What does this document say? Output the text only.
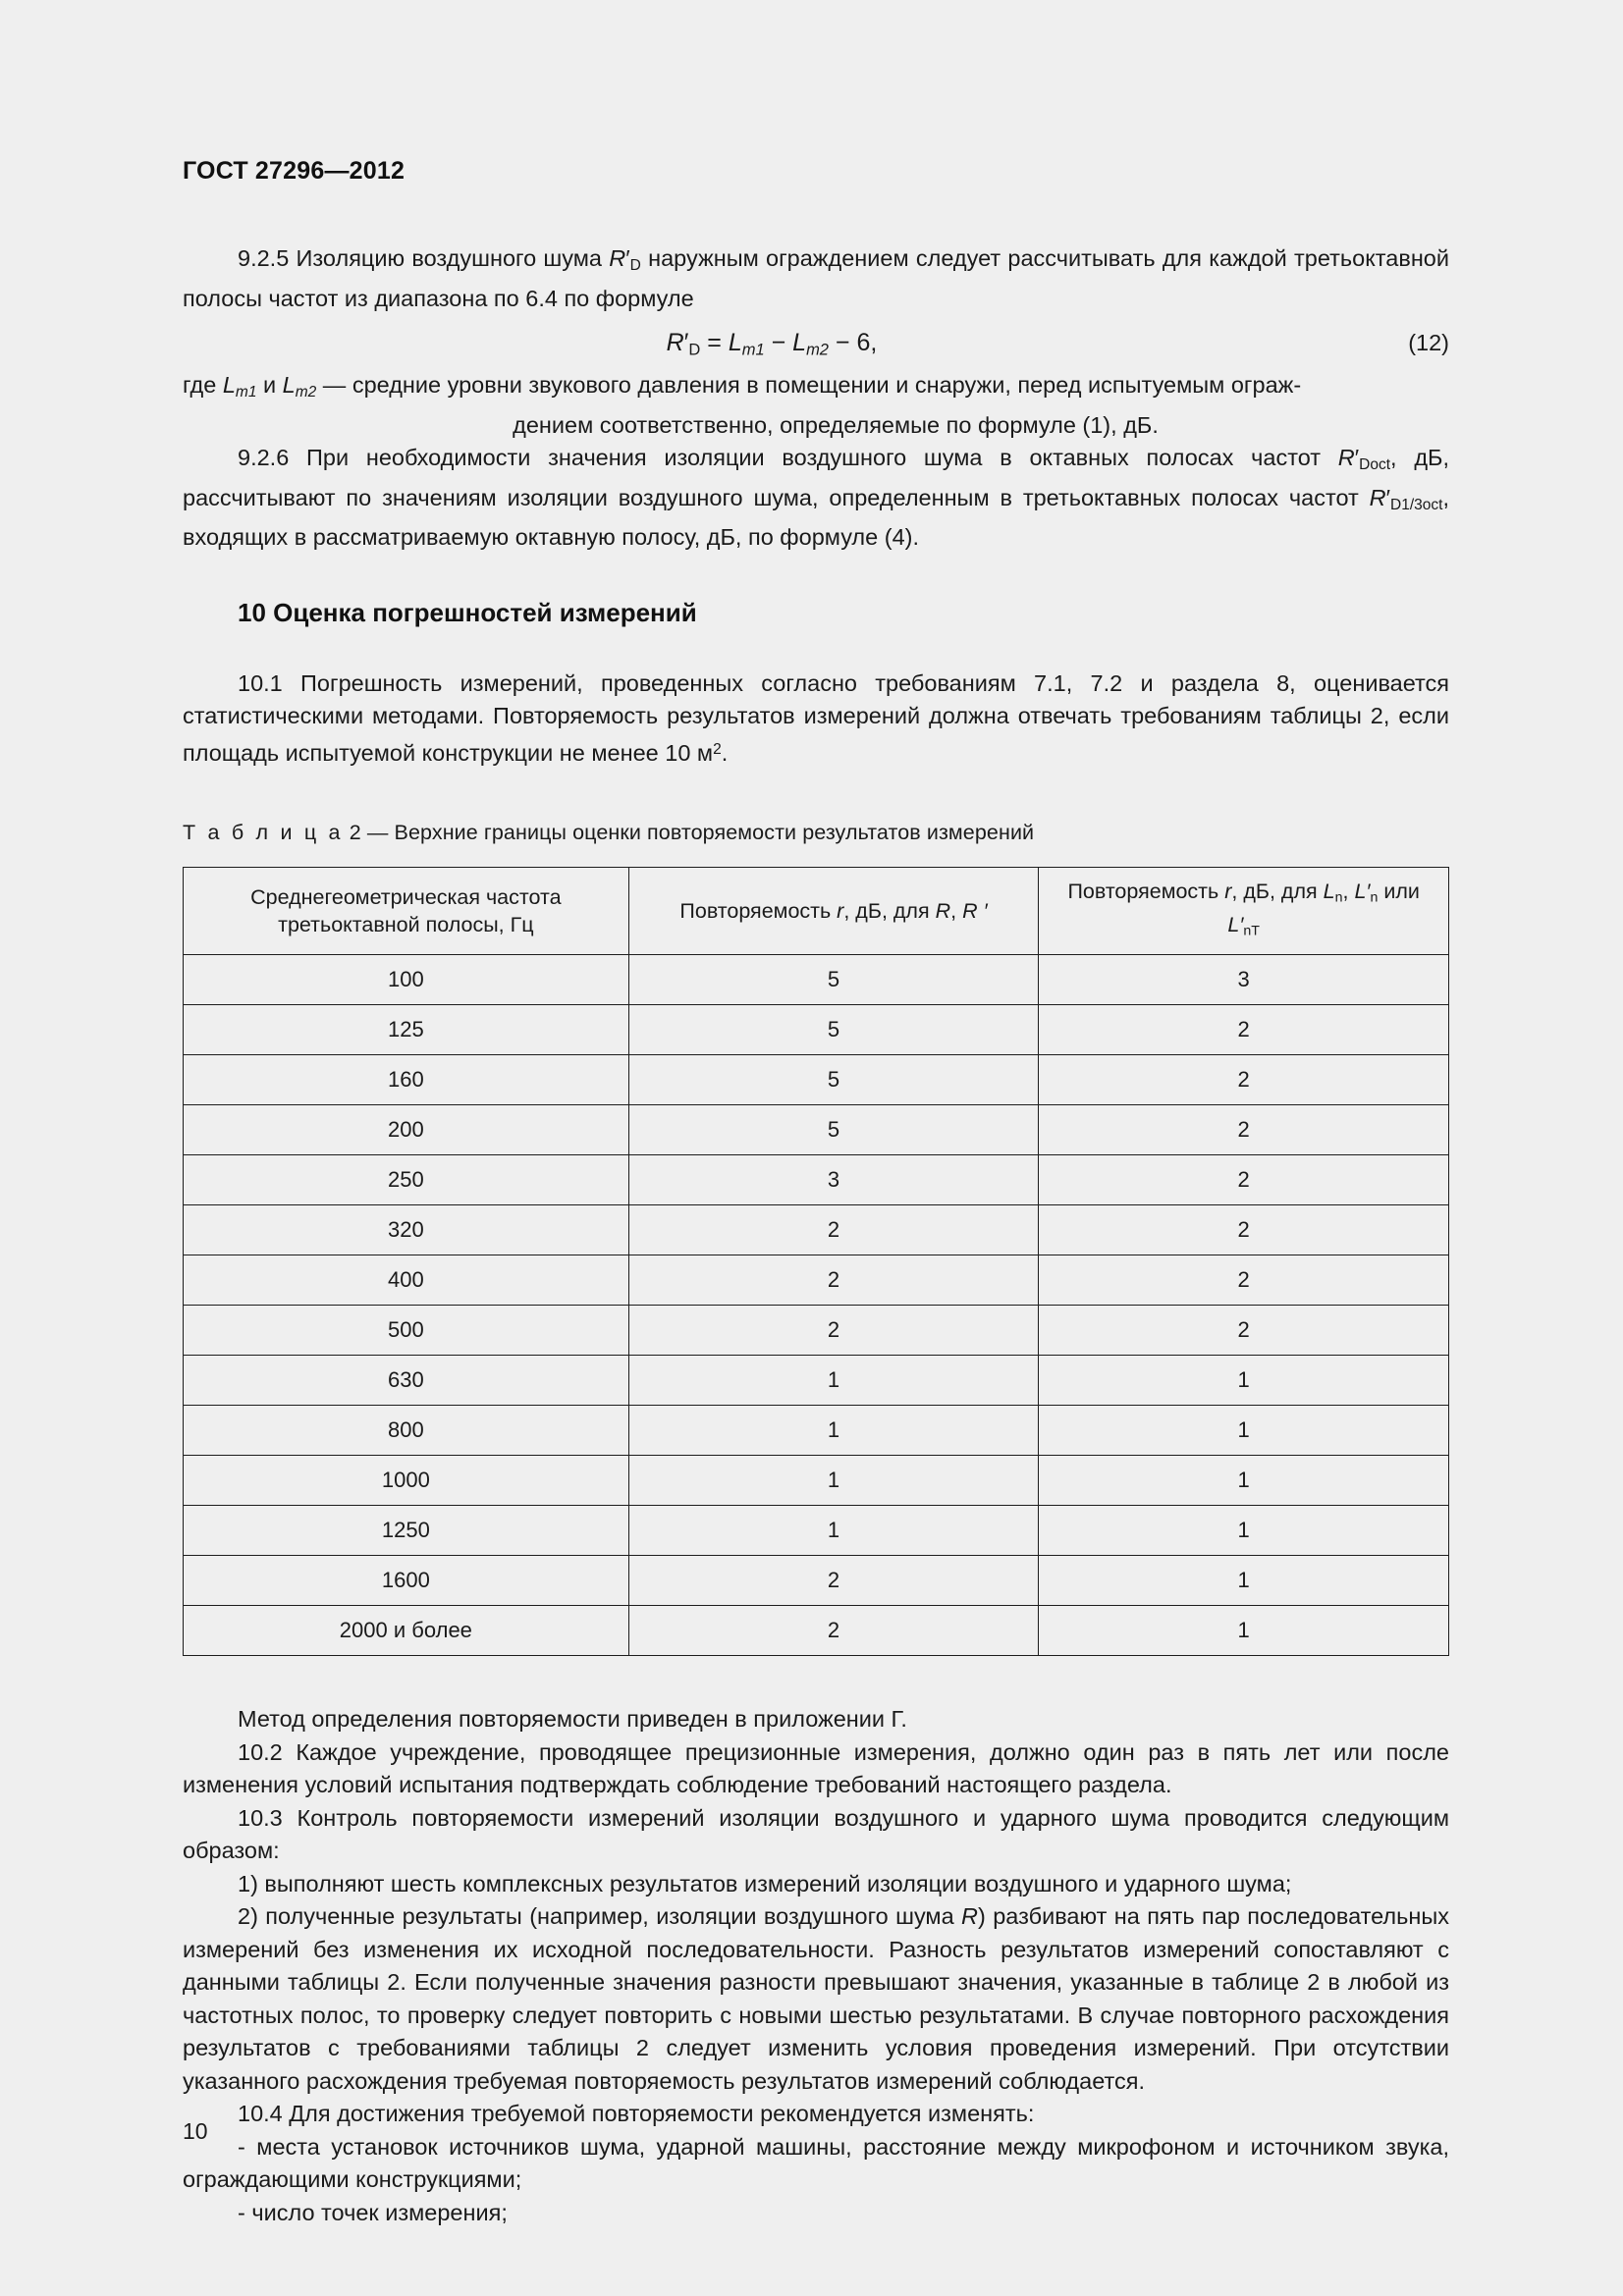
ГОСТ 27296—2012

9.2.5 Изоляцию воздушного шума $R'_D$ наружным ограждением следует рассчитывать для каждой третьоктавной полосы частот из диапазона по 6.4 по формуле

$R'_D = L_{m1} - L_{m2} - 6$,	(12)

где $L_{m1}$ и $L_{m2}$ — средние уровни звукового давления в помещении и снаружи, перед испытуемым ограж-

дением соответственно, определяемые по формуле (1), дБ.

9.2.6 При необходимости значения изоляции воздушного шума в октавных полосах частот $R'_{Doct}$, дБ, рассчитывают по значениям изоляции воздушного шума, определенным в третьоктавных полосах частот $R'_{D1/3oct}$, входящих в рассматриваемую октавную полосу, дБ, по формуле (4).

10 Оценка погрешностей измерений

10.1 Погрешность измерений, проведенных согласно требованиям 7.1, 7.2 и раздела 8, оценивается статистическими методами. Повторяемость результатов измерений должна отвечать требованиям таблицы 2, если площадь испытуемой конструкции не менее 10 $м^2$.

Т а б л и ц а 2 — Верхние границы оценки повторяемости результатов измерений
Среднегеометрическая частота
третьоктавной полосы, Гц	Повторяемость r, дБ, для R, R ′	Повторяемость r, дБ, для $L_n$, $L'_n$ или $L'_{nТ}$
100	5	3
125	5	2
160	5	2
200	5	2
250	3	2
320	2	2
400	2	2
500	2	2
630	1	1
800	1	1
1000	1	1
1250	1	1
1600	2	1
2000 и более	2	1

Метод определения повторяемости приведен в приложении Г.

10.2 Каждое учреждение, проводящее прецизионные измерения, должно один раз в пять лет или после изменения условий испытания подтверждать соблюдение требований настоящего раздела.

10.3 Контроль повторяемости измерений изоляции воздушного и ударного шума проводится следующим образом:

1) выполняют шесть комплексных результатов измерений изоляции воздушного и ударного шума;

2) полученные результаты (например, изоляции воздушного шума R) разбивают на пять пар последовательных измерений без изменения их исходной последовательности. Разность результатов измерений сопоставляют с данными таблицы 2. Если полученные значения разности превышают значения, указанные в таблице 2 в любой из частотных полос, то проверку следует повторить с новыми шестью результатами. В случае повторного расхождения результатов с требованиями таблицы 2 следует изменить условия проведения измерений. При отсутствии указанного расхождения требуемая повторяемость результатов измерений соблюдается.

10.4 Для достижения требуемой повторяемости рекомендуется изменять:

- места установок источников шума, ударной машины, расстояние между микрофоном и источником звука, ограждающими конструкциями;

- число точек измерения;

10
